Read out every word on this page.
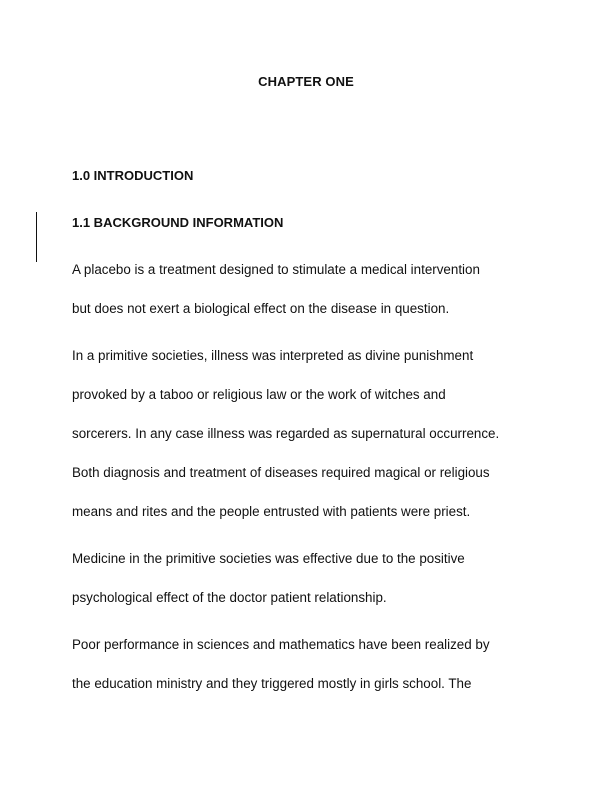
CHAPTER ONE
1.0 INTRODUCTION
1.1 BACKGROUND INFORMATION
A placebo is a treatment designed to stimulate a medical intervention
but does not exert a biological effect on the disease in question.
In a primitive societies, illness was interpreted as divine punishment
provoked by a taboo or religious law or the work of witches and
sorcerers. In any case illness was regarded as supernatural occurrence.
Both diagnosis and treatment of diseases required magical or religious
means and rites and the people entrusted with patients were priest.
Medicine in the primitive societies was effective due to the positive
psychological effect of the doctor patient relationship.
Poor performance in sciences and mathematics have been realized by
the education ministry and they triggered mostly in girls school. The
